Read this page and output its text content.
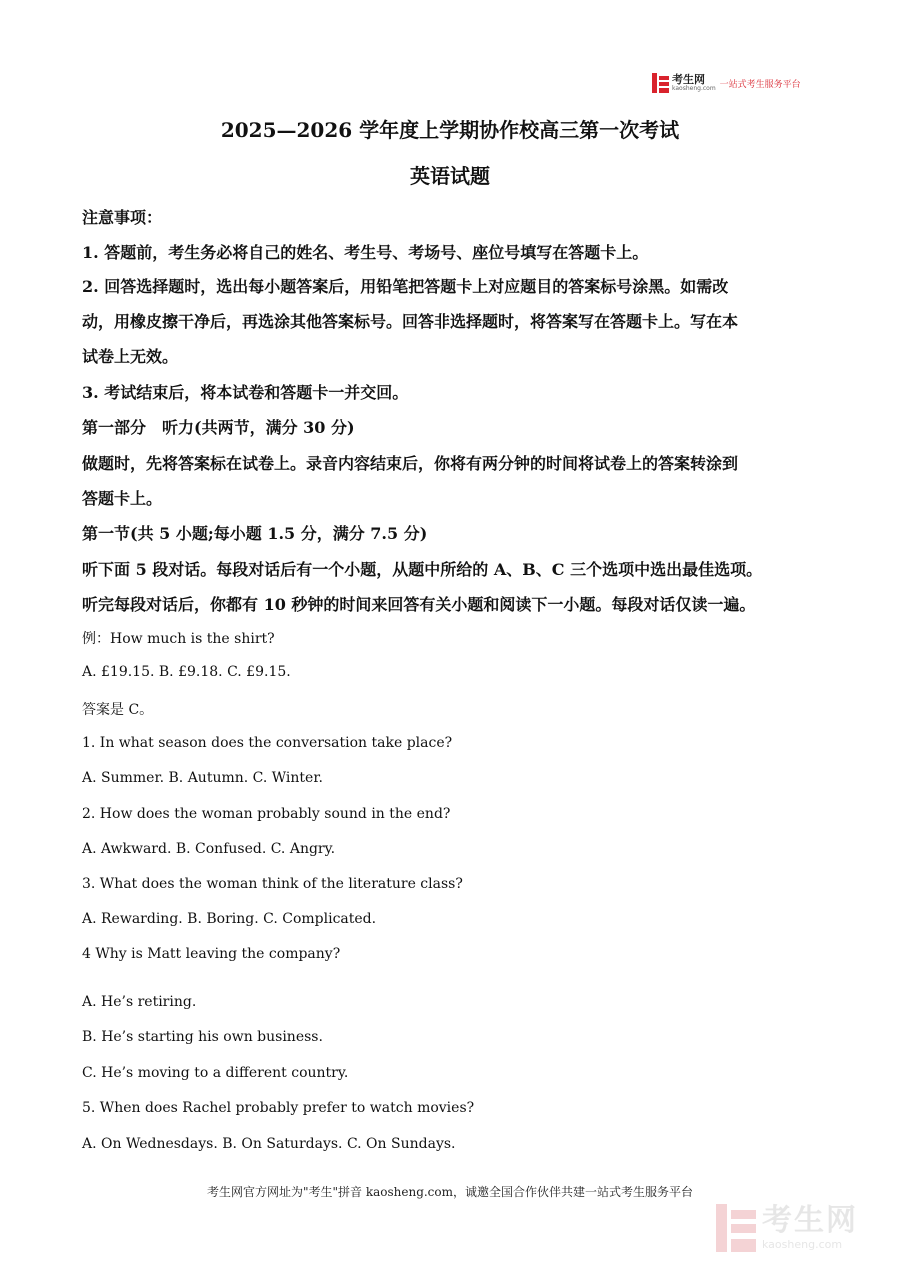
考生网
kaosheng.com 一站式考生服务平台
2025—2026 学年度上学期协作校高三第一次考试
英语试题
注意事项：
1. 答题前，考生务必将自己的姓名、考生号、考场号、座位号填写在答题卡上。
2. 回答选择题时，选出每小题答案后，用铅笔把答题卡上对应题目的答案标号涂黑。如需改
动，用橡皮擦干净后，再选涂其他答案标号。回答非选择题时，将答案写在答题卡上。写在本
试卷上无效。
3. 考试结束后，将本试卷和答题卡一并交回。
第一部分　听力(共两节，满分 30 分)
做题时，先将答案标在试卷上。录音内容结束后，你将有两分钟的时间将试卷上的答案转涂到
答题卡上。
第一节(共 5 小题;每小题 1.5 分，满分 7.5 分)
听下面 5 段对话。每段对话后有一个小题，从题中所给的 A、B、C 三个选项中选出最佳选项。
听完每段对话后，你都有 10 秒钟的时间来回答有关小题和阅读下一小题。每段对话仅读一遍。
例：How much is the shirt?
A. £19.15. B. £9.18. C. £9.15.
答案是 C。
1. In what season does the conversation take place?
A. Summer. B. Autumn. C. Winter.
2. How does the woman probably sound in the end?
A. Awkward. B. Confused. C. Angry.
3. What does the woman think of the literature class?
A. Rewarding. B. Boring. C. Complicated.
4 Why is Matt leaving the company?
A. He’s retiring.
B. He’s starting his own business.
C. He’s moving to a different country.
5. When does Rachel probably prefer to watch movies?
A. On Wednesdays. B. On Saturdays. C. On Sundays.
考生网官方网址为"考生"拼音 kaosheng.com，诚邀全国合作伙伴共建一站式考生服务平台
考生网
kaosheng.com
